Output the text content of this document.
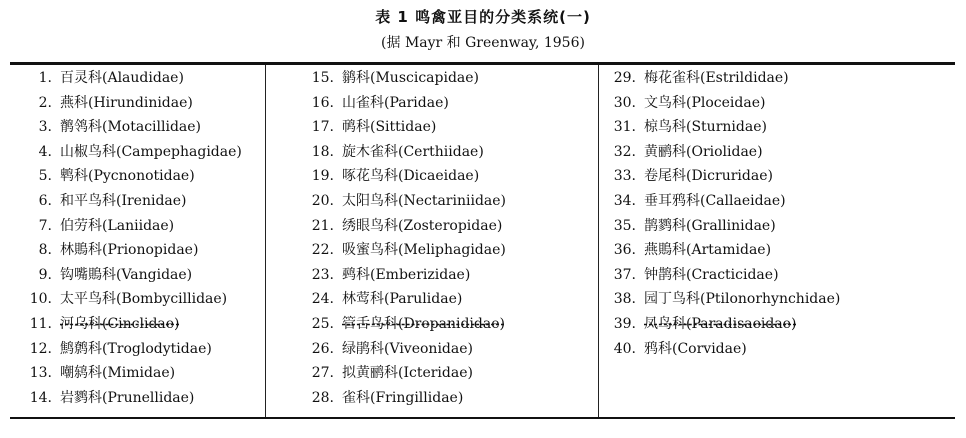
表 1 鸣禽亚目的分类系统(一)
(据 Mayr 和 Greenway, 1956)
1. 百灵科(Alaudidae)
2. 燕科(Hirundinidae)
3. 鹡鸰科(Motacillidae)
4. 山椒鸟科(Campephagidae)
5. 鹎科(Pycnonotidae)
6. 和平鸟科(Irenidae)
7. 伯劳科(Laniidae)
8. 林鵙科(Prionopidae)
9. 钩嘴鵙科(Vangidae)
10. 太平鸟科(Bombycillidae)
11. 河乌科(Cinclidae)
12. 鹪鹩科(Troglodytidae)
13. 嘲鸫科(Mimidae)
14. 岩鹨科(Prunellidae)
15. 鹟科(Muscicapidae)
16. 山雀科(Paridae)
17. 䴓科(Sittidae)
18. 旋木雀科(Certhiidae)
19. 啄花鸟科(Dicaeidae)
20. 太阳鸟科(Nectariniidae)
21. 绣眼鸟科(Zosteropidae)
22. 吸蜜鸟科(Meliphagidae)
23. 鹀科(Emberizidae)
24. 林莺科(Parulidae)
25. 管舌鸟科(Drepanididae)
26. 绿鹃科(Viveonidae)
27. 拟黄鹂科(Icteridae)
28. 雀科(Fringillidae)
29. 梅花雀科(Estrildidae)
30. 文鸟科(Ploceidae)
31. 椋鸟科(Sturnidae)
32. 黄鹂科(Oriolidae)
33. 卷尾科(Dicruridae)
34. 垂耳鸦科(Callaeidae)
35. 鹊鹨科(Grallinidae)
36. 燕鵙科(Artamidae)
37. 钟鹊科(Cracticidae)
38. 园丁鸟科(Ptilonorhynchidae)
39. 凤鸟科(Paradisaeidae)
40. 鸦科(Corvidae)
